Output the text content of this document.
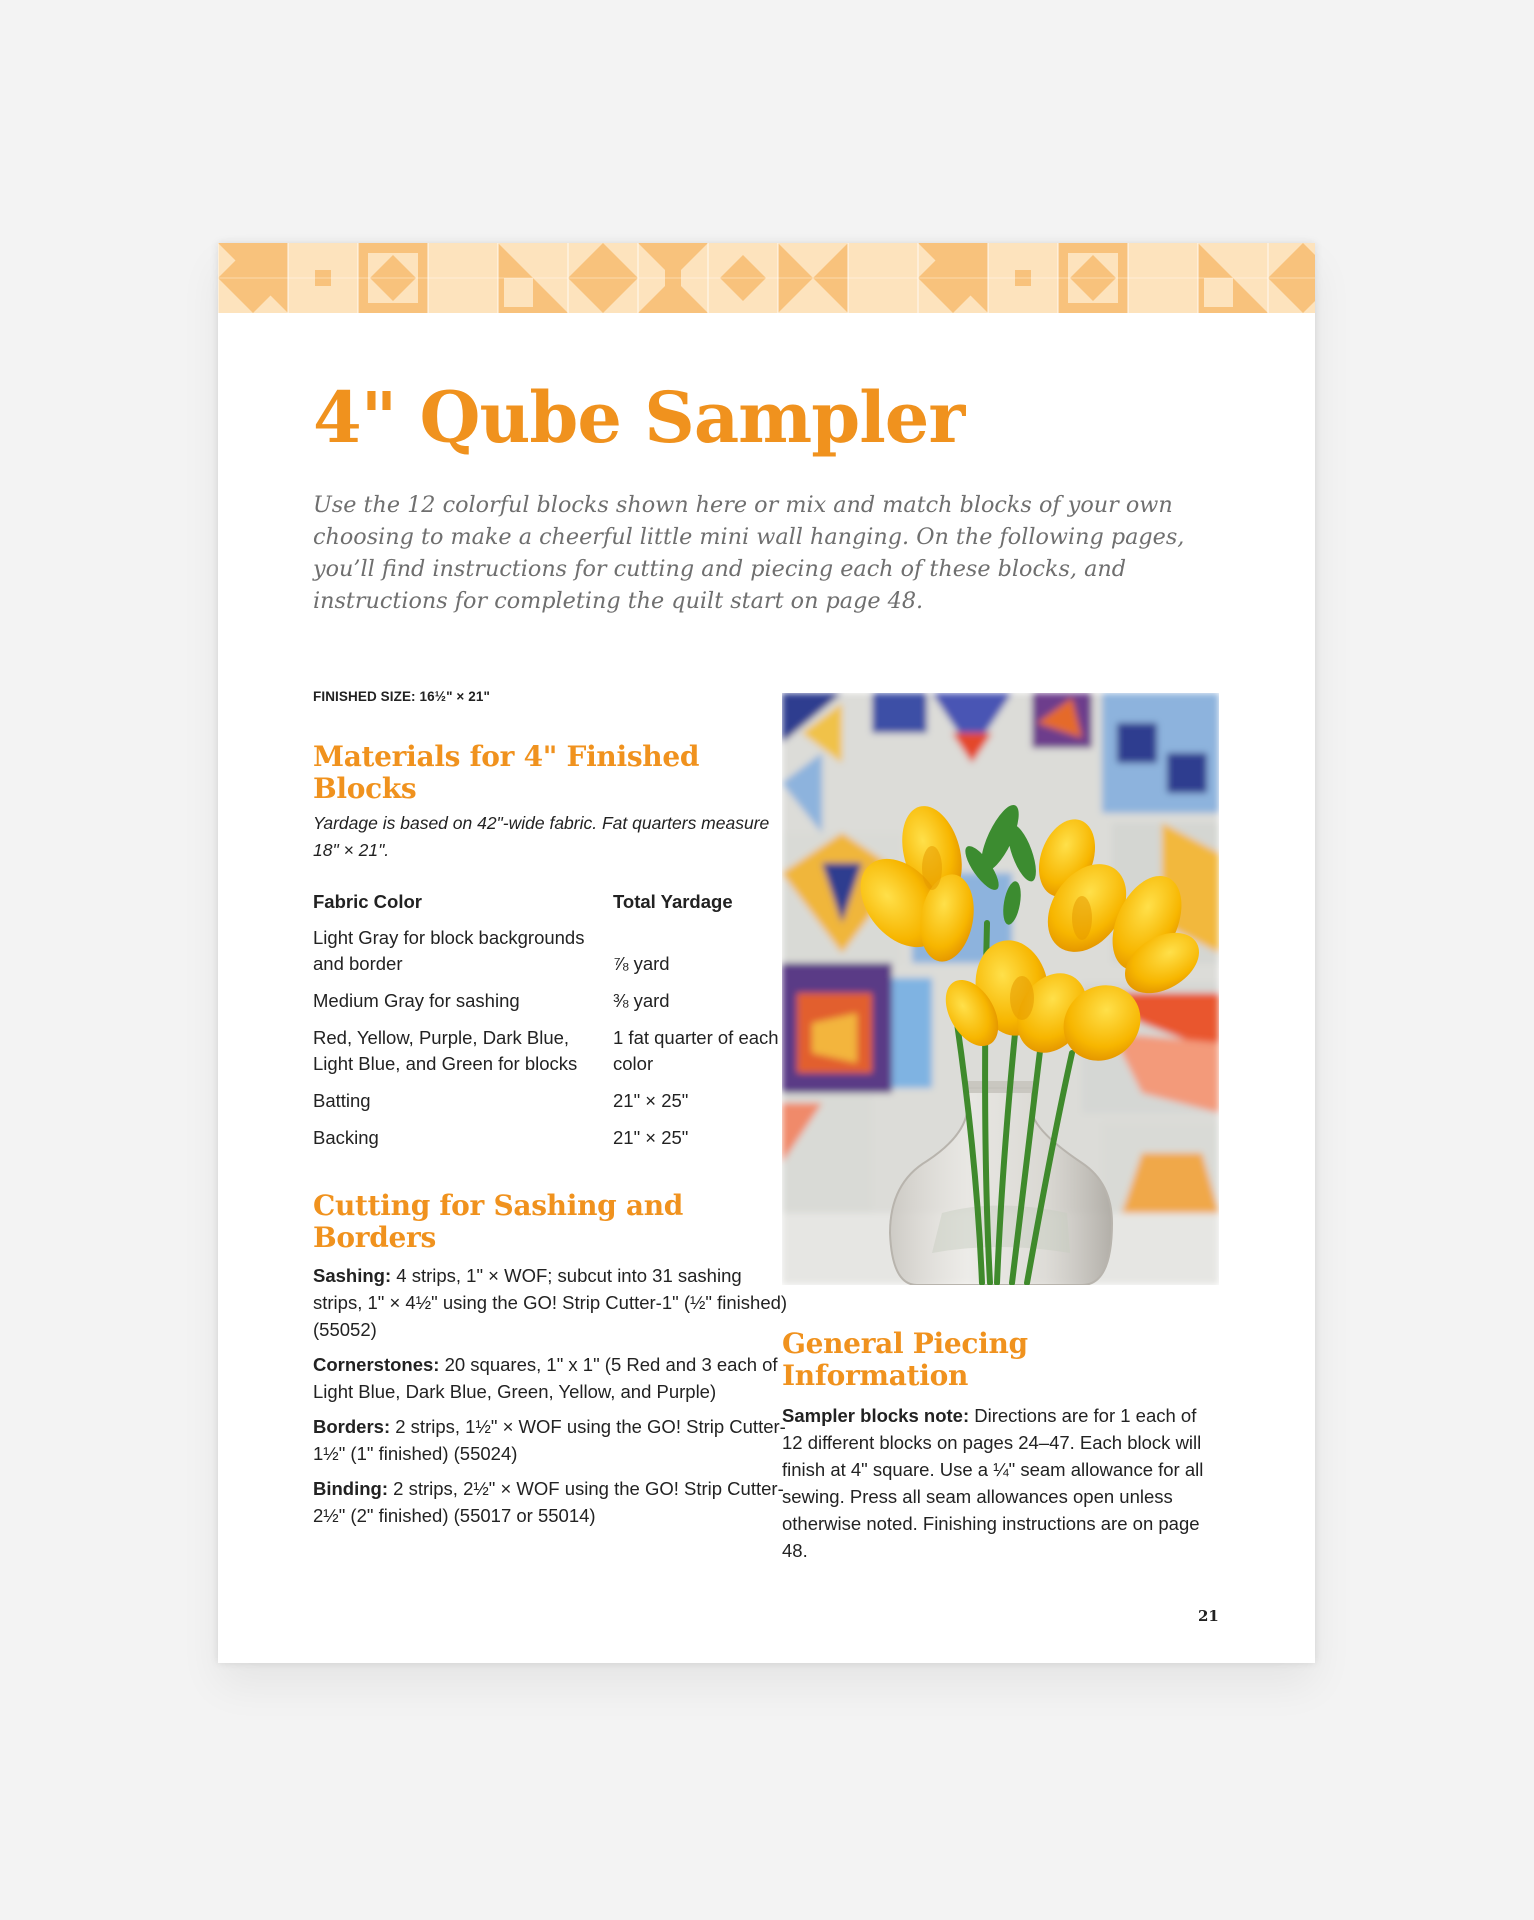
4" Qube Sampler

Use the 12 colorful blocks shown here or mix and match blocks of your own choosing to make a cheerful little mini wall hanging. On the following pages, you’ll find instructions for cutting and piecing each of these blocks, and instructions for completing the quilt start on page 48.

FINISHED SIZE: 16½" × 21"

Materials for 4" Finished Blocks

Yardage is based on 42"-wide fabric. Fat quarters measure 18" × 21".

Fabric Color	Total Yardage
Light Gray for block backgrounds and border	⅞ yard
Medium Gray for sashing	⅜ yard
Red, Yellow, Purple, Dark Blue, Light Blue, and Green for blocks	1 fat quarter of each color
Batting	21" × 25"
Backing	21" × 25"
Cutting for Sashing and Borders

Sashing: 4 strips, 1" × WOF; subcut into 31 sashing strips, 1" × 4½" using the GO! Strip Cutter-1" (½" finished) (55052)

Cornerstones: 20 squares, 1" x 1" (5 Red and 3 each of Light Blue, Dark Blue, Green, Yellow, and Purple)

Borders: 2 strips, 1½" × WOF using the GO! Strip Cutter-1½" (1" finished) (55024)

Binding: 2 strips, 2½" × WOF using the GO! Strip Cutter-2½" (2" finished) (55017 or 55014)

General Piecing Information

Sampler blocks note: Directions are for 1 each of 12 different blocks on pages 24–47. Each block will finish at 4" square. Use a ¼" seam allowance for all sewing. Press all seam allowances open unless otherwise noted. Finishing instructions are on page 48.

21
